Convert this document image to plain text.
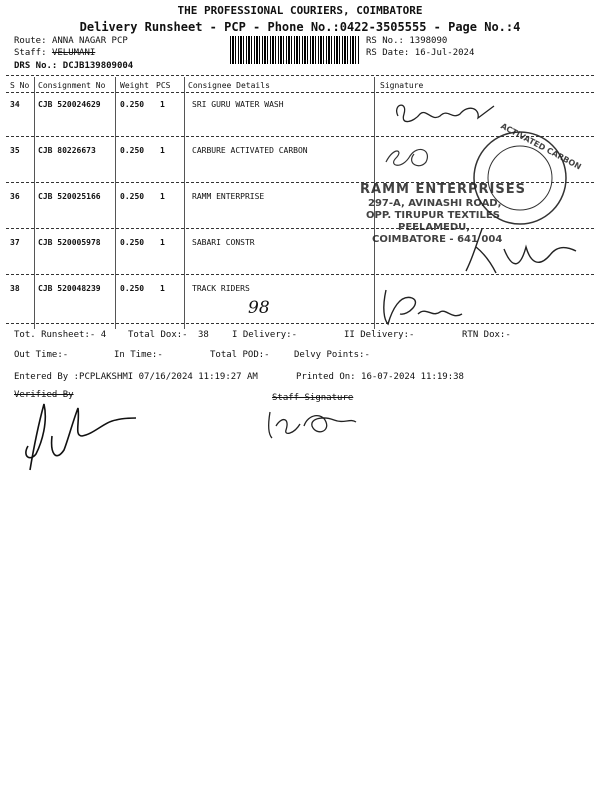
THE PROFESSIONAL COURIERS, COIMBATORE
Delivery Runsheet - PCP - Phone No.:0422-3505555 - Page No.:4
Route: ANNA NAGAR PCP
Staff: VELUMANI
DRS No.: DCJB139809004
RS No.: 1398090
RS Date: 16-Jul-2024
S No Consignment No Weight PCS Consignee Details	Signature
34 CJB 520024629 0.250 1	SRI GURU WATER WASH
35 CJB 80226673	0.250 1	CARBURE ACTIVATED CARBON
36 CJB 520025166 0.250 1	RAMM ENTERPRISE
37 CJB 520005978 0.250 1	SABARI CONSTR
38 CJB 520048239 0.250 1	TRACK RIDERS
98
ACTIVATED CARBON
RAMM ENTERPRISES
297-A, AVINASHI ROAD,
OPP. TIRUPUR TEXTILES
PEELAMEDU,
COIMBATORE - 641 004
Tot. Runsheet:- 4 Total Dox:- 38	I Delivery:-	II Delivery:-	RTN Dox:-
Out Time:-	In Time:-	Total POD:-	Delvy Points:-
Entered By :PCPLAKSHMI 07/16/2024 11:19:27 AM	Printed On: 16-07-2024 11:19:38
Verified By	Staff Signature
